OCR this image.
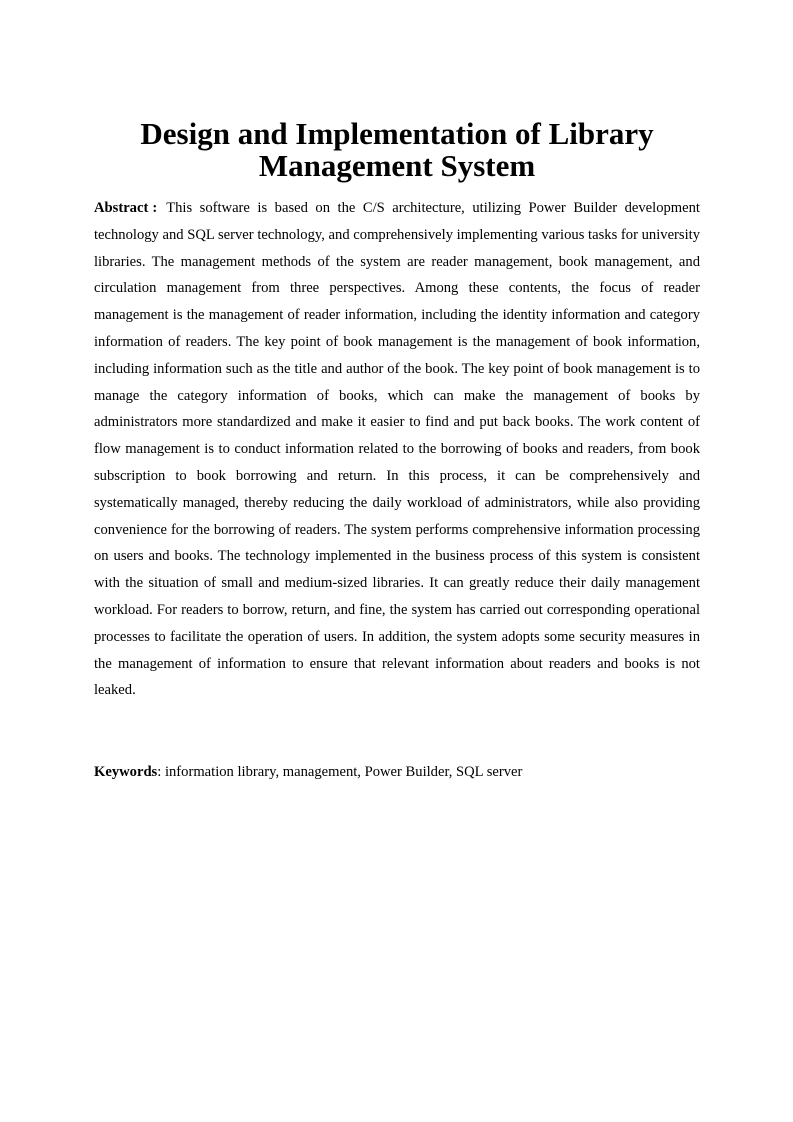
Design and Implementation of Library Management System

Abstract : This software is based on the C/S architecture, utilizing Power Builder development technology and SQL server technology, and comprehensively implementing various tasks for university libraries. The management methods of the system are reader management, book management, and circulation management from three perspectives. Among these contents, the focus of reader management is the management of reader information, including the identity information and category information of readers. The key point of book management is the management of book information, including information such as the title and author of the book. The key point of book management is to manage the category information of books, which can make the management of books by administrators more standardized and make it easier to find and put back books. The work content of flow management is to conduct information related to the borrowing of books and readers, from book subscription to book borrowing and return. In this process, it can be comprehensively and systematically managed, thereby reducing the daily workload of administrators, while also providing convenience for the borrowing of readers. The system performs comprehensive information processing on users and books. The technology implemented in the business process of this system is consistent with the situation of small and medium-sized libraries. It can greatly reduce their daily management workload. For readers to borrow, return, and fine, the system has carried out corresponding operational processes to facilitate the operation of users. In addition, the system adopts some security measures in the management of information to ensure that relevant information about readers and books is not leaked.

Keywords: information library, management, Power Builder, SQL server
